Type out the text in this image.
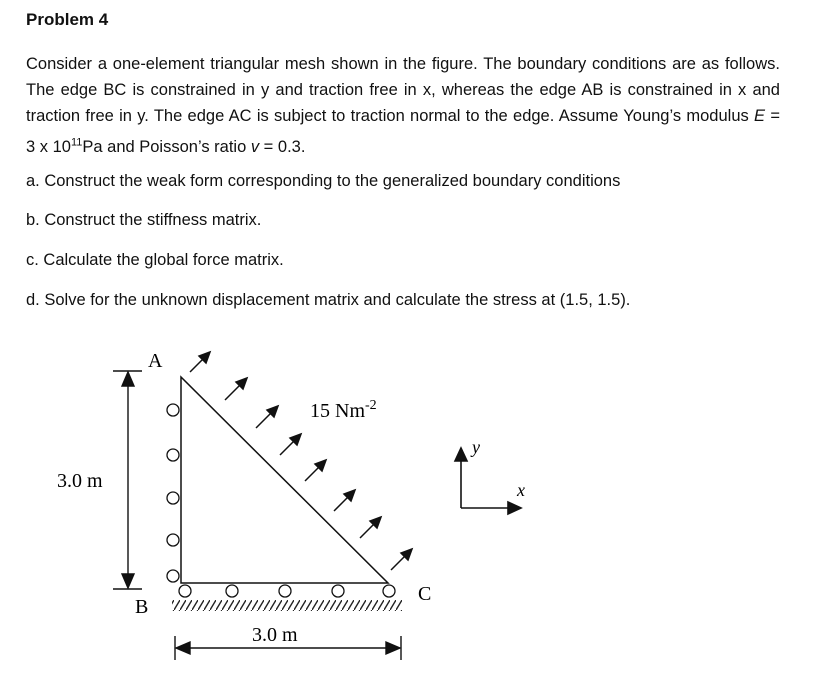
Problem 4
Consider a one-element triangular mesh shown in the figure. The boundary conditions are as follows. The edge BC is constrained in y and traction free in x, whereas the edge AB is constrained in x and traction free in y. The edge AC is subject to traction normal to the edge. Assume Young’s modulus E = 3 x $10^{11}Pa$ and Poisson’s ratio v = 0.3.
a. Construct the weak form corresponding to the generalized boundary conditions
b. Construct the stiffness matrix.
c. Calculate the global force matrix.
d. Solve for the unknown displacement matrix and calculate the stress at (1.5, 1.5).
A
B
C
3.0 m
3.0 m
15 $Nm^{-2}$
y
x
